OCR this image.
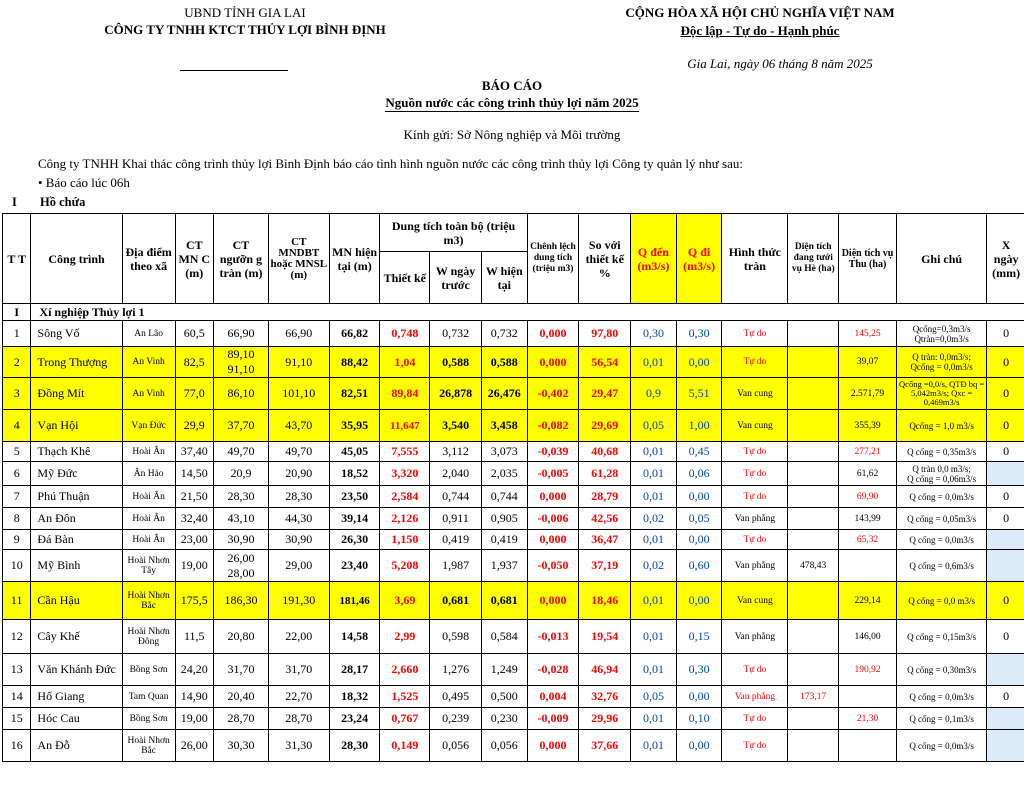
UBND TỈNH GIA LAI
CÔNG TY TNHH KTCT THỦY LỢI BÌNH ĐỊNH
CỘNG HÒA XÃ HỘI CHỦ NGHĨA VIỆT NAM
Độc lập - Tự do - Hạnh phúc
Gia Lai, ngày 06 tháng 8 năm 2025
BÁO CÁO
Nguồn nước các công trình thủy lợi năm 2025
Kính gửi: Sở Nông nghiệp và Môi trường
Công ty TNHH Khai thác công trình thủy lợi Bình Định báo cáo tình hình nguồn nước các công trình thủy lợi Công ty quản lý như sau:
• Báo cáo lúc 06h
I Hồ chứa
T T	Công trình	Địa điểm theo xã	CT MN C (m)	CT ngưỡn g tràn (m)	CT MNDBT hoặc MNSL (m)	MN hiện tại (m)	Dung tích toàn bộ (triệu m3)			Chênh lệch dung tích (triệu m3)	So với thiết kế %	Q đến (m3/s)	Q đi (m3/s)	Hình thức tràn	Diện tích đang tưới vụ Hè (ha)	Diện tích vụ Thu (ha)	Ghi chú	X ngày (mm)
							Thiết kế	W ngày trước	W hiện tại									
I	Xí nghiệp Thủy lợi 1																	
1	Sông Vố	An Lão	60,5	66,90	66,90	66,82	0,748	0,732	0,732	0,000	97,80	0,30	0,30	Tự do		145,25	Qcống=0,3m3/s
Qtràn=0,0m3/s	0
2	Trong Thượng	An Vinh	82,5	89,10
91,10	91,10	88,42	1,04	0,588	0,588	0,000	56,54	0,01	0,00	Tự do		39,07	Q tràn: 0,0m3/s;
Qcống = 0,0m3/s	0
3	Đồng Mít	An Vinh	77,0	86,10	101,10	82,51	89,84	26,878	26,476	-0,402	29,47	0,9	5,51	Van cung		2.571,79	Qcống =0,0/s, QTĐ bq = 5,042m3/s; Qxc = 0,469m3/s	0
4	Vạn Hội	Vạn Đức	29,9	37,70	43,70	35,95	11,647	3,540	3,458	-0,082	29,69	0,05	1,00	Van cung		355,39	Qcống = 1,0 m3/s	0
5	Thạch Khê	Hoài Ân	37,40	49,70	49,70	45,05	7,555	3,112	3,073	-0,039	40,68	0,01	0,45	Tự do		277,21	Q cống = 0,35m3/s	0
6	Mỹ Đức	Ân Hảo	14,50	20,9	20,90	18,52	3,320	2,040	2,035	-0,005	61,28	0,01	0,06	Tự do		61,62	Q tràn 0,0 m3/s;
Q cống = 0,06m3/s	
7	Phú Thuận	Hoài Ân	21,50	28,30	28,30	23,50	2,584	0,744	0,744	0,000	28,79	0,01	0,00	Tự do		69,90	Q cống = 0,0m3/s	0
8	An Đôn	Hoài Ân	32,40	43,10	44,30	39,14	2,126	0,911	0,905	-0,006	42,56	0,02	0,05	Van phẳng		143,99	Q cống = 0,05m3/s	0
9	Đá Bàn	Hoài Ân	23,00	30,90	30,90	26,30	1,150	0,419	0,419	0,000	36,47	0,01	0,00	Tự do		65,32	Q cống = 0,0m3/s	
10	Mỹ Bình	Hoài Nhơn Tây	19,00	26,00
28,00	29,00	23,40	5,208	1,987	1,937	-0,050	37,19	0,02	0,60	Van phẳng	478,43		Q cống = 0,6m3/s	
11	Cần Hậu	Hoài Nhơn Bắc	175,5	186,30	191,30	181,46	3,69	0,681	0,681	0,000	18,46	0,01	0,00	Van cung		229,14	Q cống = 0,0 m3/s	0
12	Cây Khế	Hoài Nhơn Đông	11,5	20,80	22,00	14,58	2,99	0,598	0,584	-0,013	19,54	0,01	0,15	Van phẳng		146,00	Q cống = 0,15m3/s	0
13	Văn Khánh Đức	Bồng Sơn	24,20	31,70	31,70	28,17	2,660	1,276	1,249	-0,028	46,94	0,01	0,30	Tự do		190,92	Q cống = 0,30m3/s	
14	Hố Giang	Tam Quan	14,90	20,40	22,70	18,32	1,525	0,495	0,500	0,004	32,76	0,05	0,00	Van phẳng	173,17		Q cống = 0,0m3/s	0
15	Hóc Cau	Bồng Sơn	19,00	28,70	28,70	23,24	0,767	0,239	0,230	-0,009	29,96	0,01	0,10	Tự do		21,30	Q cống = 0,1m3/s	
16	An Đỗ	Hoài Nhơn Bắc	26,00	30,30	31,30	28,30	0,149	0,056	0,056	0,000	37,66	0,01	0,00	Tự do			Q cống = 0,0m3/s	
